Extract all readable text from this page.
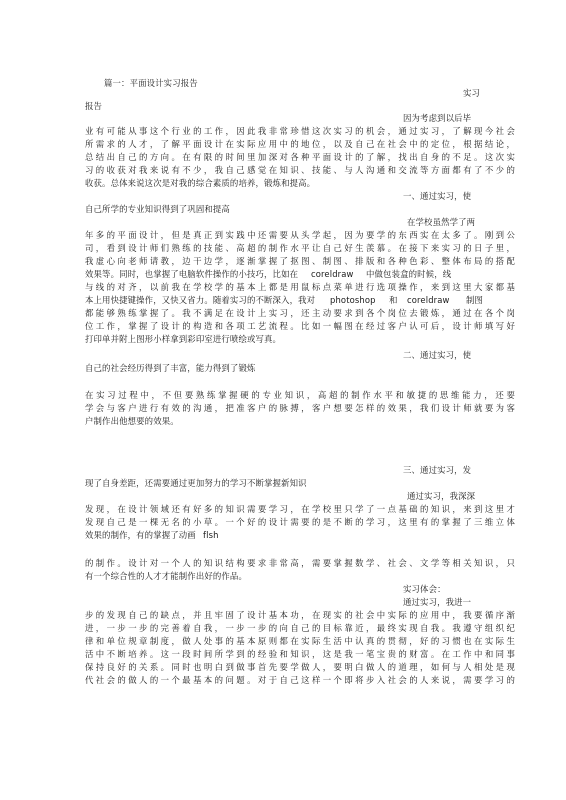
篇一：平面设计实习报告
实习
报告
因为考虑到以后毕
业有可能从事这个行业的工作，因此我非常珍惜这次实习的机会，通过实习，了解现今社会
所需求的人才，了解平面设计在实际应用中的地位，以及自己在社会中的定位，根据结论，
总结出自己的方向。在有限的时间里加深对各种平面设计的了解，找出自身的不足。这次实
习的收获对我来说有不少，我自己感觉在知识、技能、与人沟通和交流等方面都有了不少的
收获。总体来说这次是对我的综合素质的培养，锻炼和提高。
一、通过实习，使
自己所学的专业知识得到了巩固和提高
在学校虽然学了两
年多的平面设计，但是真正到实践中还需要从头学起，因为要学的东西实在太多了。刚到公
司，看到设计师们熟练的技能、高超的制作水平让自己好生羡慕。在接下来实习的日子里，
我虚心向老师请教，边干边学，逐渐掌握了抠图、制图、排版和各种色彩、整体布局的搭配
效果等。同时，也掌握了电脑软件操作的小技巧，比如在 coreldraw 中做包装盒的时候，线
与线的对齐，以前我在学校学的基本上都是用鼠标点菜单进行选项操作，来到这里大家都基
本上用快捷键操作，又快又省力。随着实习的不断深入，我对 photoshop 和 coreldraw 制图
都能够熟练掌握了。我不满足在设计上实习，还主动要求到各个岗位去锻炼，通过在各个岗
位工作，掌握了设计的构造和各项工艺流程。比如一幅图在经过客户认可后，设计师填写好
打印单并附上图形小样拿到彩印室进行喷绘或写真。
二、通过实习，使
自己的社会经历得到了丰富，能力得到了锻炼
在实习过程中，不但要熟练掌握硬的专业知识，高超的制作水平和敏捷的思维能力，还要
学会与客户进行有效的沟通，把准客户的脉搏，客户想要怎样的效果，我们设计师就要为客
户制作出他想要的效果。
三、通过实习，发
现了自身差距，还需要通过更加努力的学习不断掌握新知识
通过实习，我深深
发现，在设计领域还有好多的知识需要学习，在学校里只学了一点基础的知识，来到这里才
发现自己是一棵无名的小草。一个好的设计需要的是不断的学习，这里有的掌握了三维立体
效果的制作，有的掌握了动画 flsh
的制作。设计对一个人的知识结构要求非常高，需要掌握数学、社会、文学等相关知识，只
有一个综合性的人才才能制作出好的作品。
实习体会：
通过实习，我进一
步的发现自己的缺点，并且牢固了设计基本功，在现实的社会中实际的应用中，我要循序渐
进，一步一步的完善着自我，一步一步的向自己的目标靠近，最终实现自我。我遵守组织纪
律和单位规章制度，做人处事的基本原则都在实际生活中认真的贯彻，好的习惯也在实际生
活中不断培养。这一段时间所学到的经验和知识，这是我一笔宝贵的财富。在工作中和同事
保持良好的关系。同时也明白到做事首先要学做人，要明白做人的道理，如何与人相处是现
代社会的做人的一个最基本的问题。对于自己这样一个即将步入社会的人来说，需要学习的
